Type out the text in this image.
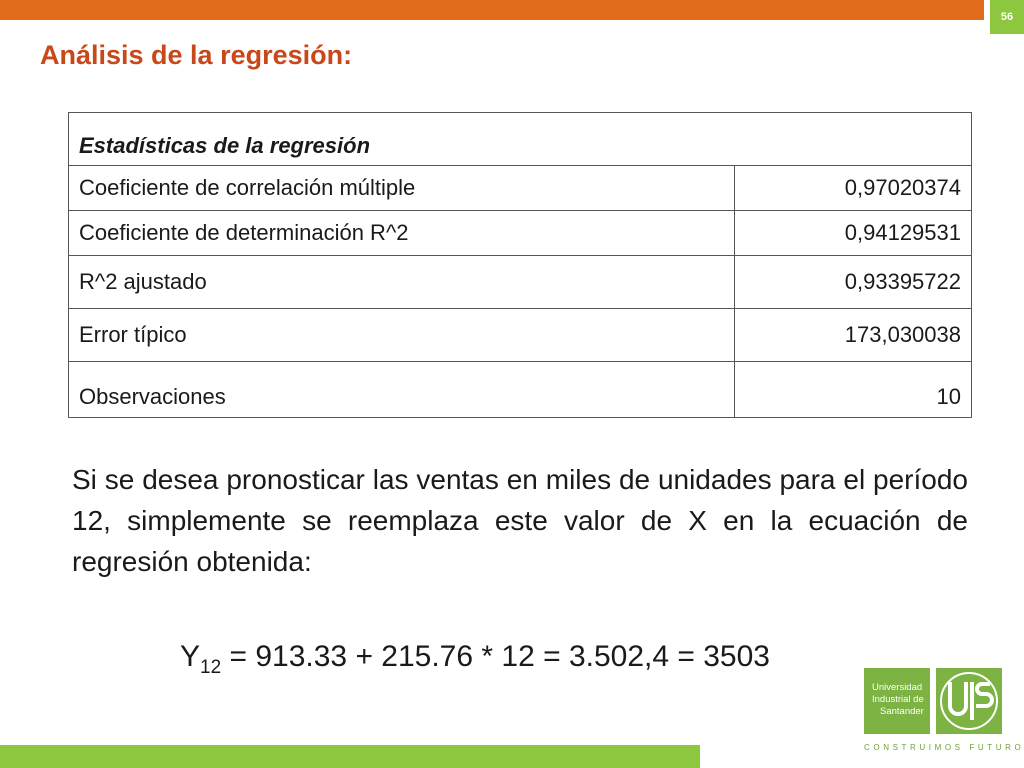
56
Análisis de la regresión:
Estadísticas de la regresión	
Coeficiente de correlación múltiple	0,97020374
Coeficiente de determinación R^2	0,94129531
R^2 ajustado	0,93395722
Error típico	173,030038
Observaciones	10
Si se desea pronosticar las ventas en miles de unidades para el período 12, simplemente se reemplaza este valor de X en la ecuación de regresión obtenida:
$Y_{12} = 913.33 + 215.76 * 12 = 3.502,4 = 3503$
Universidad
Industrial de
Santander
CONSTRUIMOS FUTURO
